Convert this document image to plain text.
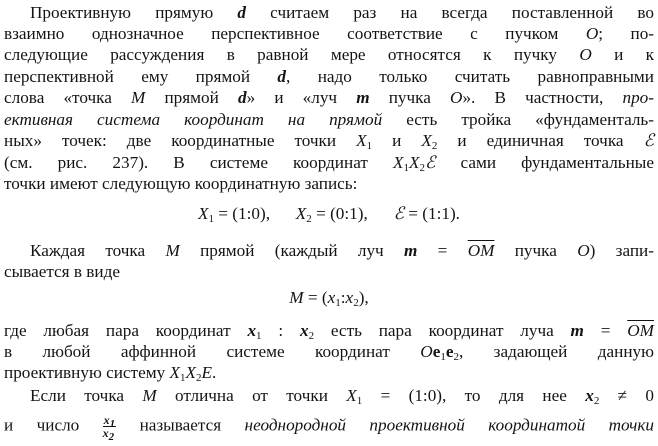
Проективную прямую d считаем раз на всегда поставленной во
взаимно однозначное перспективное соответствие с пучком O; по-
следующие рассуждения в равной мере относятся к пучку O и к
перспективной ему прямой d, надо только считать равноправными
слова «точка M прямой d» и «луч m пучка O». В частности, про-
ективная система координат на прямой есть тройка «фундаменталь-
ных» точек: две координатные точки $X_1$ и $X_2$ и единичная точка ℰ
(см. рис. 237). В системе координат $X_1X_2ℰ$ сами фундаментальные
точки имеют следующую координатную запись:
$X_1$ = (1:0),      $X_2$ = (0:1),      ℰ = (1:1).
Каждая точка M прямой (каждый луч $m = \overline{OM}$ пучка O) запи-
сывается в виде
$M = (x_1:x_2)$,
где любая пара координат $x_1$ : $x_2$ есть пара координат луча $m = \overline{OM}$
в любой аффинной системе координат $Oe_1e_2$, задающей данную
проективную систему $X_1X_2E$.
Если точка M отлична от точки $X_1$ = (1:0), то для нее $x_2 \ne 0$
и число $\frac{x_1}{x_2}$ называется неоднородной проективной координатой точки
